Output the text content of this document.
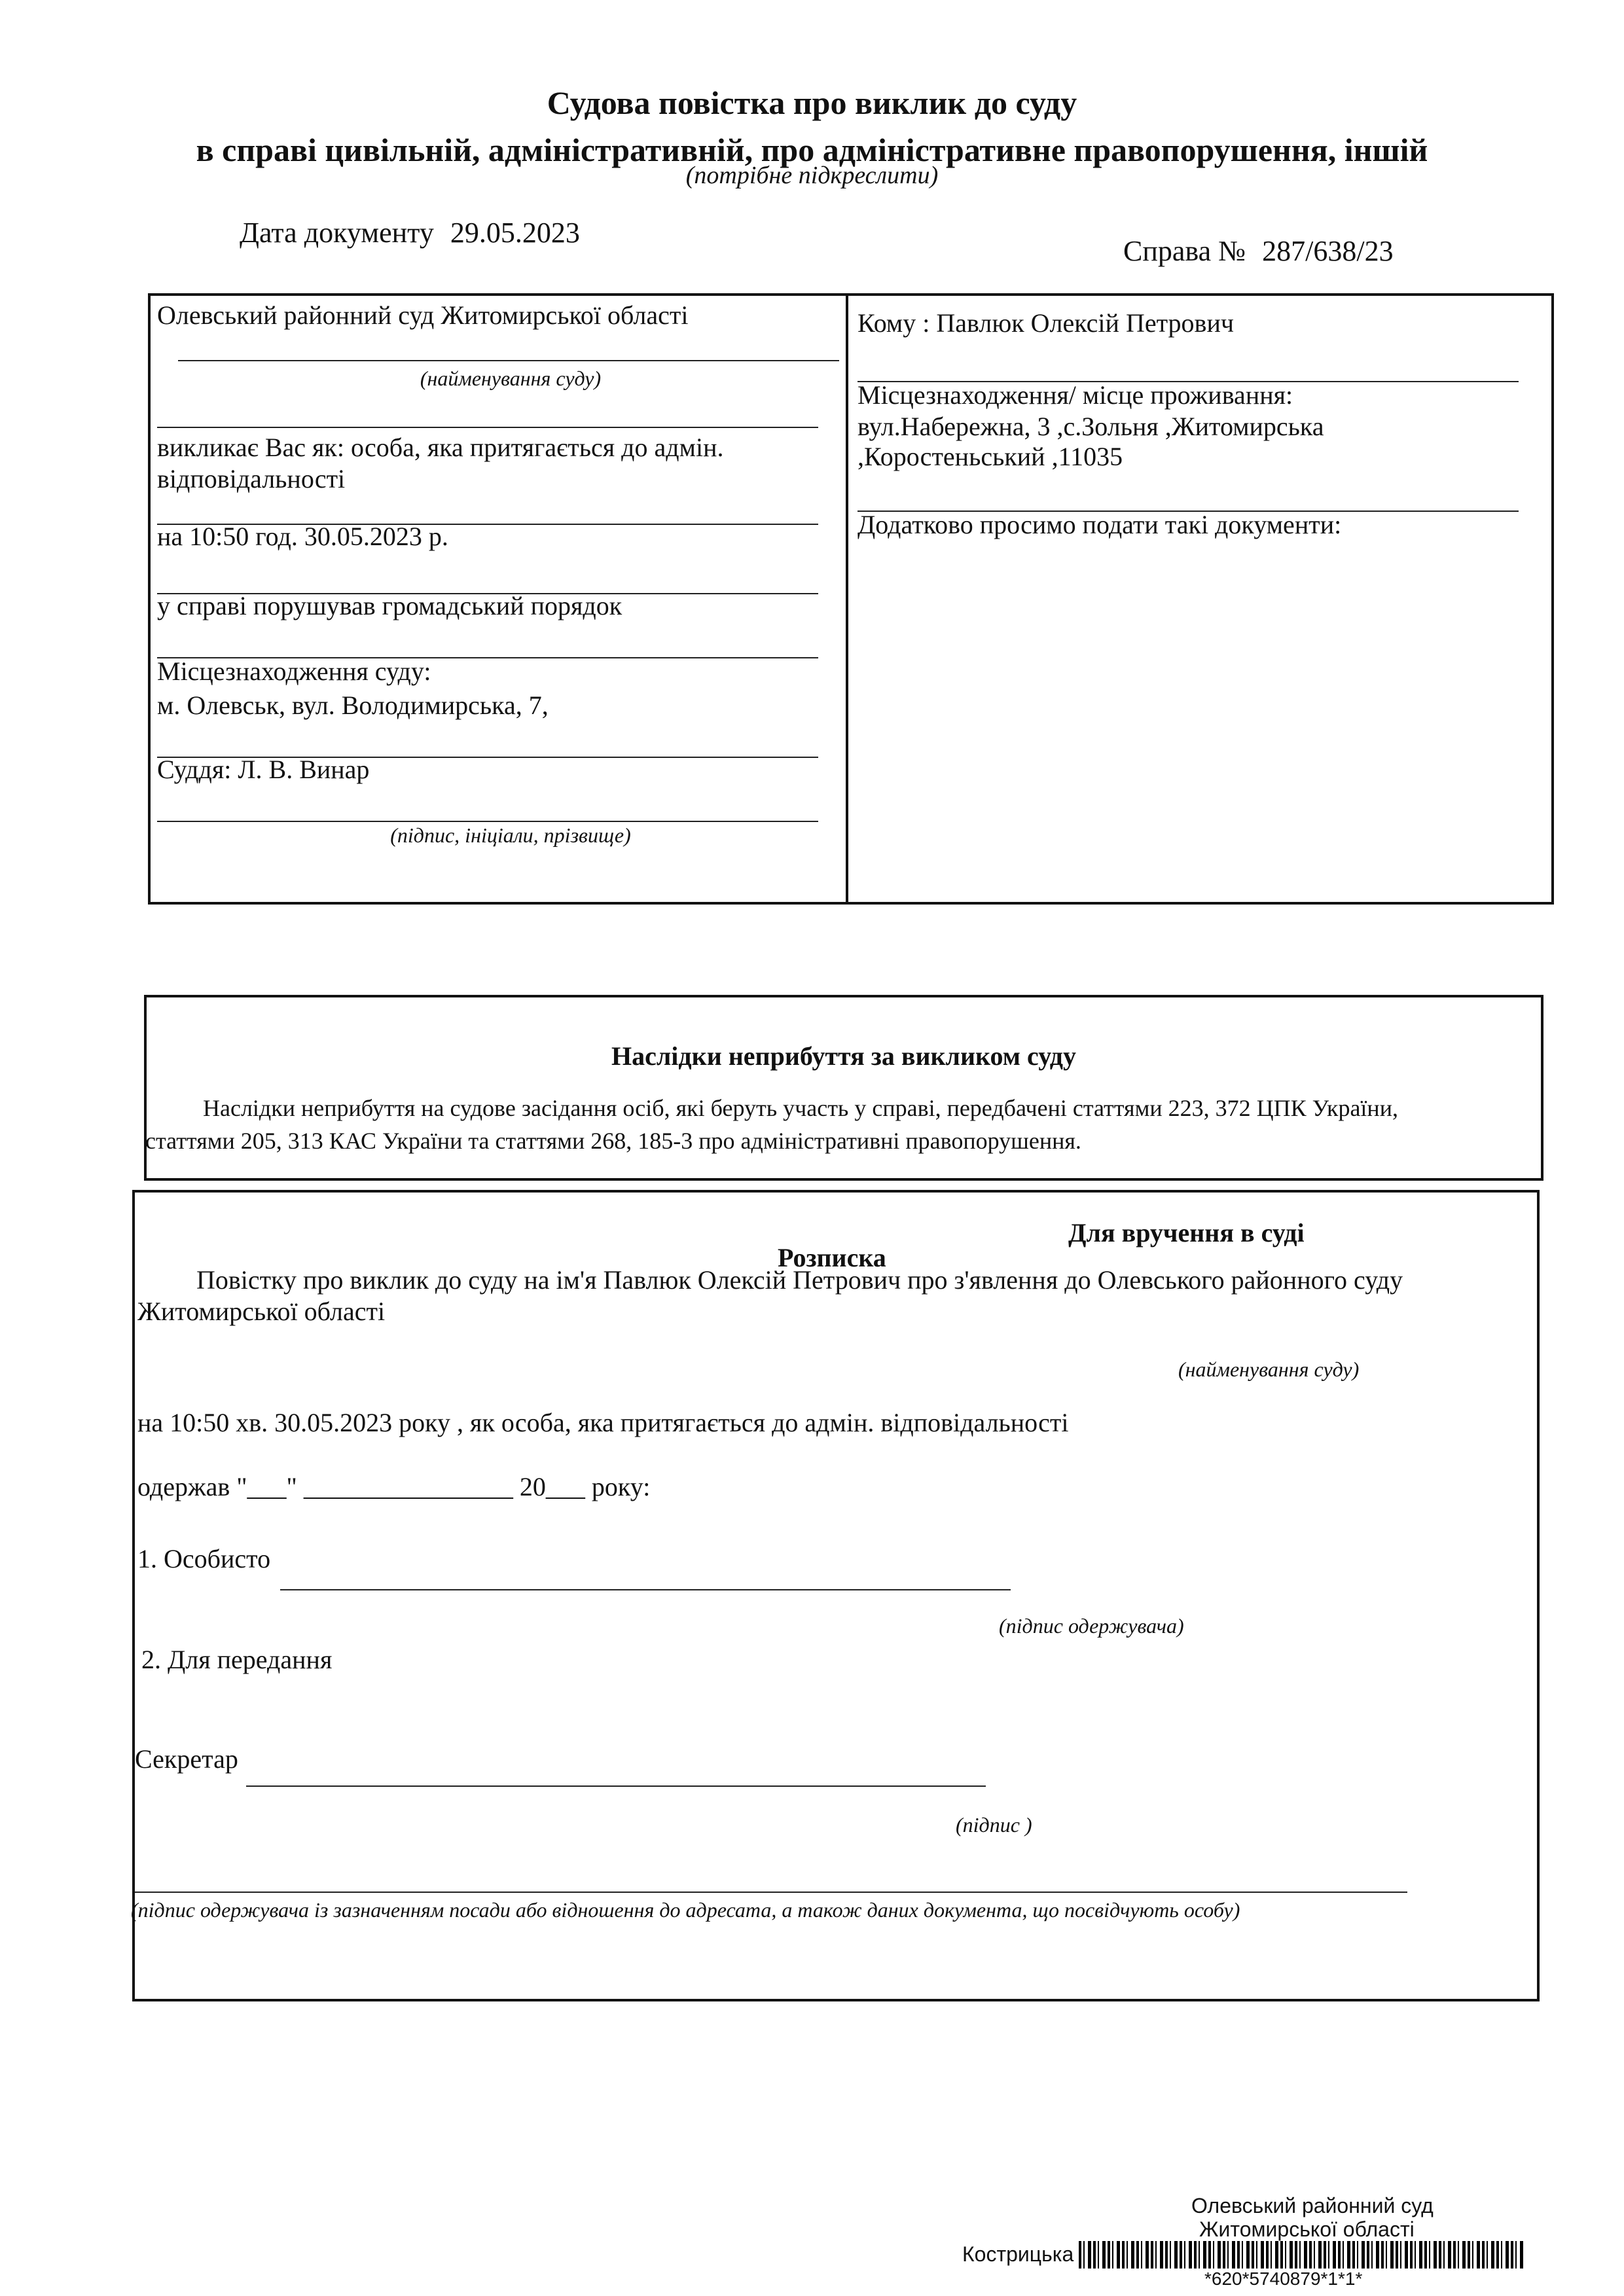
Судова повістка про виклик до суду
в справі цивільній, адміністративній, про адміністративне правопорушення, іншій
(потрібне підкреслити)
Дата документу 29.05.2023
Справа № 287/638/23
Олевський районний суд Житомирської області
(найменування суду)
викликає Вас як: особа, яка притягається до адмін. відповідальності
на 10:50 год. 30.05.2023 р.
у справі порушував громадський порядок
Місцезнаходження суду:
м. Олевськ, вул. Володимирська, 7,
Суддя: Л. В. Винар
(підпис, ініціали, прізвище)
Кому : Павлюк Олексій Петрович
Місцезнаходження/ місце проживання:
вул.Набережна, 3 ,с.Зольня ,Житомирська
,Коростеньський ,11035
Додатково просимо подати такі документи:
Наслідки неприбуття за викликом суду
Наслідки неприбуття на судове засідання осіб, які беруть участь у справі, передбачені статтями 223, 372 ЦПК України,
статтями 205, 313 КАС України та статтями 268, 185-3 про адміністративні правопорушення.
Для вручення в суді
Розписка
Повістку про виклик до суду на ім'я Павлюк Олексій Петрович про з'явлення до Олевського районного суду
Житомирської області
(найменування суду)
на 10:50 хв. 30.05.2023 року , як особа, яка притягається до адмін. відповідальності
одержав "___" ________________ 20___ року:
1. Особисто
(підпис одержувача)
2. Для передання
Секретар
(підпис )
(підпис одержувача із зазначенням посади або відношення до адресата, а також даних документа, що посвідчують особу)
Олевський районний суд
Житомирської області
Кострицька
*620*5740879*1*1*
